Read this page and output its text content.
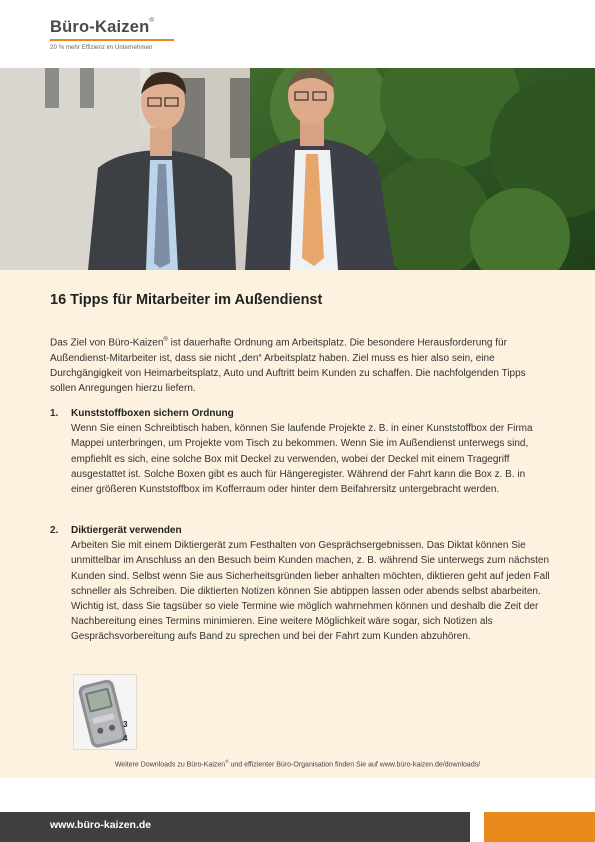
Büro-Kaizen®
20 % mehr Effizienz im Unternehmen
16 Tipps für Mitarbeiter im Außendienst
Das Ziel von Büro-Kaizen® ist dauerhafte Ordnung am Arbeitsplatz. Die besondere Herausforderung für Außendienst-Mitarbeiter ist, dass sie nicht „den“ Arbeitsplatz haben. Ziel muss es hier also sein, eine Durchgängigkeit von Heimarbeitsplatz, Auto und Auftritt beim Kunden zu schaffen. Die nachfolgenden Tipps sollen Anregungen hierzu liefern.
1. Kunststoffboxen sichern Ordnung
Wenn Sie einen Schreibtisch haben, können Sie laufende Projekte z. B. in einer Kunststoffbox der Firma Mappei unterbringen, um Projekte vom Tisch zu bekommen. Wenn Sie im Außendienst unterwegs sind, empfiehlt es sich, eine solche Box mit Deckel zu verwenden, wobei der Deckel mit einem Tragegriff ausgestattet ist. Solche Boxen gibt es auch für Hängeregister. Während der Fahrt kann die Box z. B. in einer größeren Kunststoffbox im Kofferraum oder hinter dem Beifahrersitz untergebracht werden.
2. Diktiergerät verwenden
Arbeiten Sie mit einem Diktiergerät zum Festhalten von Gesprächsergebnissen. Das Diktat können Sie unmittelbar im Anschluss an den Besuch beim Kunden machen, z. B. während Sie unterwegs zum nächsten Kunden sind. Selbst wenn Sie aus Sicherheitsgründen lieber anhalten möchten, diktieren geht auf jeden Fall schneller als Schreiben. Die diktierten Notizen können Sie abtippen lassen oder abends selbst abarbeiten. Wichtig ist, dass Sie tagsüber so viele Termine wie möglich wahrnehmen können und deshalb die Zeit der Nachbereitung eines Termins minimieren. Eine weitere Möglichkeit wäre sogar, sich Notizen als Gesprächsvorbereitung aufs Band zu sprechen und bei der Fahrt zum Kunden abzuhören.
3
4
Weitere Downloads zu Büro-Kaizen® und effizienter Büro-Organisation finden Sie auf www.büro-kaizen.de/downloads/
www.büro-kaizen.de
